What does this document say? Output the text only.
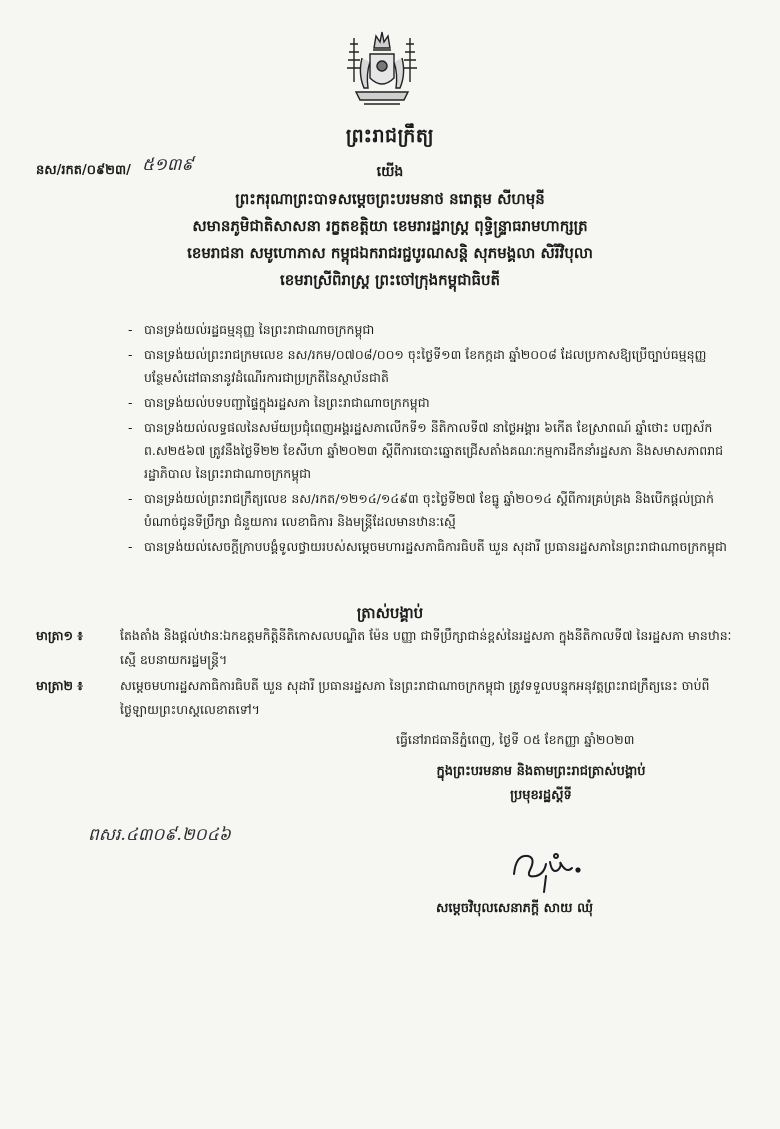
ព្រះរាជក្រឹត្យ
នស/រកត/០៩២៣/ ៥១៣៩	យើង
ព្រះករុណាព្រះបាទសម្តេចព្រះបរមនាថ នរោត្តម សីហមុនី
សមានភូមិជាតិសាសនា រក្ខតខត្តិយា ខេមរារដ្ឋរាស្ត្រ ពុទ្ធិន្ទ្រាធរាមហាក្សត្រ
ខេមរាជនា សមូហោភាស កម្ពុជឯករាជរជ្ជបូរណសន្តិ សុភមង្គលា សិរីវិបុលា
ខេមរាស្រីពិរាស្ត្រ ព្រះចៅក្រុងកម្ពុជាធិបតី
- បានទ្រង់យល់រដ្ឋធម្មនុញ្ញ នៃព្រះរាជាណាចក្រកម្ពុជា
- បានទ្រង់យល់ព្រះរាជក្រមលេខ នស/រកម/០៧០៨/០០១ ចុះថ្ងៃទី១៣ ខែកក្កដា ឆ្នាំ២០០៨ ដែលប្រកាសឱ្យប្រើច្បាប់ធម្មនុញ្ញបន្ថែមសំដៅធានានូវដំណើរការជាប្រក្រតីនៃស្ថាប័នជាតិ
- បានទ្រង់យល់បទបញ្ជាផ្ទៃក្នុងរដ្ឋសភា នៃព្រះរាជាណាចក្រកម្ពុជា
- បានទ្រង់យល់លទ្ធផលនៃសម័យប្រជុំពេញអង្គរដ្ឋសភាលើកទី១ នីតិកាលទី៧ នាថ្ងៃអង្គារ ៦កើត ខែស្រាពណ៍ ឆ្នាំថោះ បញ្ចស័ក ព.ស២៥៦៧ ត្រូវនឹងថ្ងៃទី២២ ខែសីហា ឆ្នាំ២០២៣ ស្តីពីការបោះឆ្នោតជ្រើសតាំងគណៈកម្មការដឹកនាំរដ្ឋសភា និងសមាសភាពរាជរដ្ឋាភិបាល នៃព្រះរាជាណាចក្រកម្ពុជា
- បានទ្រង់យល់ព្រះរាជក្រឹត្យលេខ នស/រកត/១២១៤/១៤៩៣ ចុះថ្ងៃទី២៧ ខែធ្នូ ឆ្នាំ២០១៤ ស្តីពីការគ្រប់គ្រង និងបើកផ្តល់ប្រាក់បំណាច់ជូនទីប្រឹក្សា ជំនួយការ លេខាធិការ និងមន្ត្រីដែលមានឋានៈស្មើ
- បានទ្រង់យល់សេចក្តីក្រាបបង្គំទូលថ្វាយរបស់សម្តេចមហារដ្ឋសភាធិការធិបតី ឃួន សុដារី ប្រធានរដ្ឋសភានៃព្រះរាជាណាចក្រកម្ពុជា
ត្រាស់បង្គាប់
មាត្រា១ ៖	តែងតាំង និងផ្តល់ឋានៈឯកឧត្តមកិត្តិនីតិកោសលបណ្ឌិត ម៉ែន បញ្ញា ជាទីប្រឹក្សាជាន់ខ្ពស់នៃរដ្ឋសភា ក្នុងនីតិកាលទី៧ នៃរដ្ឋសភា មានឋានៈស្មើ ឧបនាយករដ្ឋមន្ត្រី។
មាត្រា២ ៖	សម្តេចមហារដ្ឋសភាធិការធិបតី ឃួន សុដារី ប្រធានរដ្ឋសភា នៃព្រះរាជាណាចក្រកម្ពុជា ត្រូវទទួលបន្ទុកអនុវត្តព្រះរាជក្រឹត្យនេះ ចាប់ពីថ្ងៃឡាយព្រះហស្តលេខាតទៅ។
ធ្វើនៅរាជធានីភ្នំពេញ, ថ្ងៃទី ០៥ ខែកញ្ញា ឆ្នាំ២០២៣
ក្នុងព្រះបរមនាម និងតាមព្រះរាជត្រាស់បង្គាប់
ប្រមុខរដ្ឋស្តីទី
ពសរ.៤៣០៩.២០៤៦
សម្តេចវិបុលសេនាភក្តី សាយ ឈុំ
